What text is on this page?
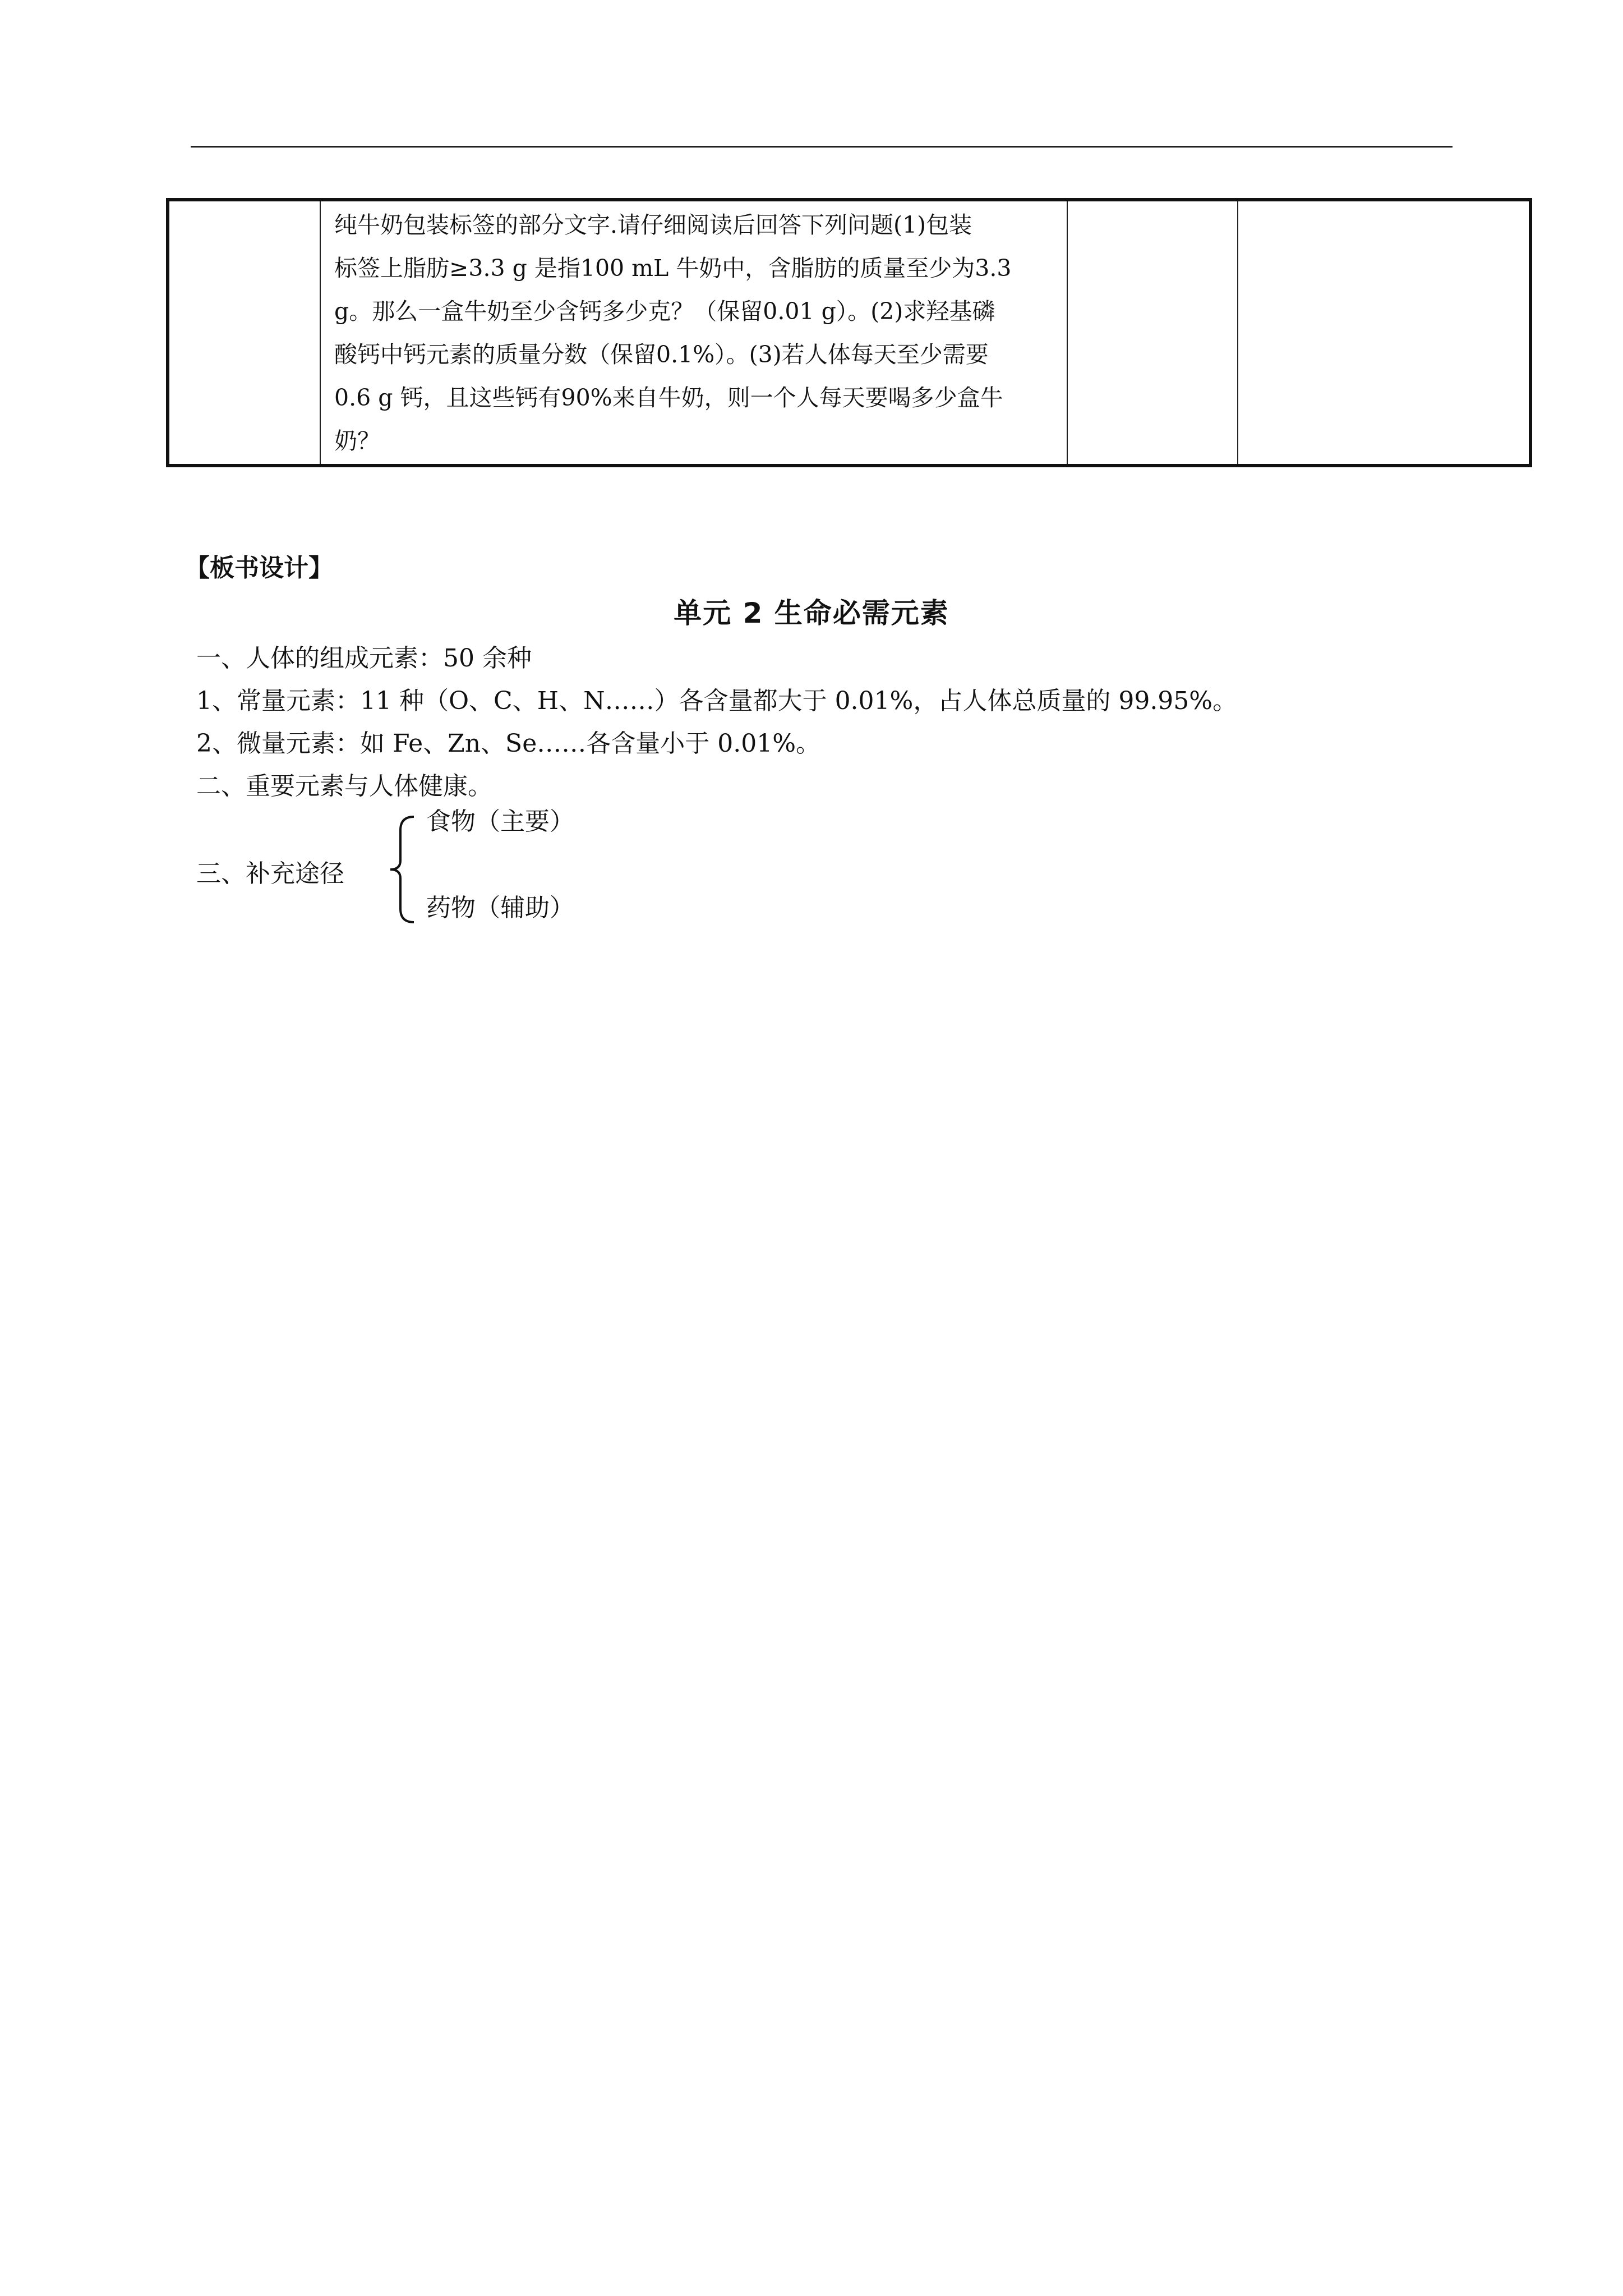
纯牛奶包装标签的部分文字.请仔细阅读后回答下列问题(1)包装

标签上脂肪≥3.3 g 是指100 mL 牛奶中，含脂肪的质量至少为3.3

g。那么一盒牛奶至少含钙多少克？（保留0.01 g）。(2)求羟基磷

酸钙中钙元素的质量分数（保留0.1%）。(3)若人体每天至少需要

0.6 g 钙，且这些钙有90%来自牛奶，则一个人每天要喝多少盒牛

奶？

【板书设计】
单元 2 生命必需元素
一、人体的组成元素：50 余种
1、常量元素：11 种（O、C、H、N……）各含量都大于 0.01%，占人体总质量的 99.95%。
2、微量元素：如 Fe、Zn、Se……各含量小于 0.01%。
二、重要元素与人体健康。
三、补充途径
食物（主要）
药物（辅助）
